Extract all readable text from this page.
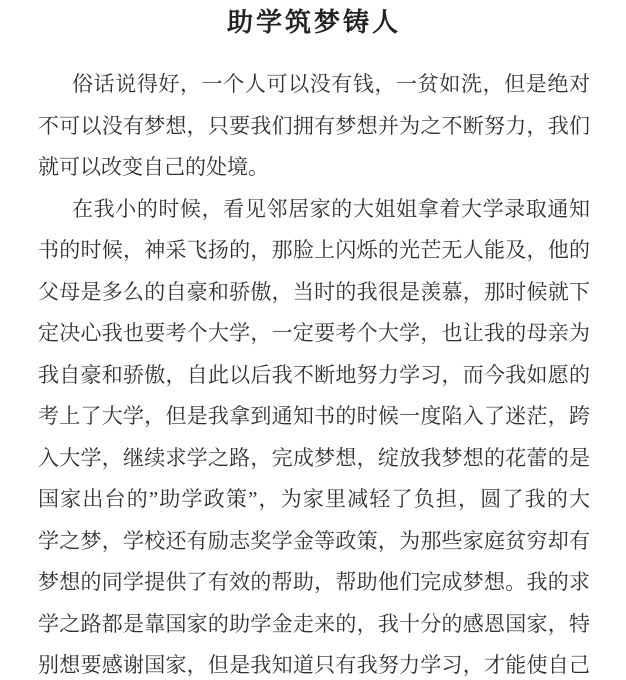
助学筑梦铸人
俗话说得好，一个人可以没有钱，一贫如洗，但是绝对
不可以没有梦想，只要我们拥有梦想并为之不断努力，我们
就可以改变自己的处境。
在我小的时候，看见邻居家的大姐姐拿着大学录取通知
书的时候，神采飞扬的，那脸上闪烁的光芒无人能及，他的
父母是多么的自豪和骄傲，当时的我很是羡慕，那时候就下
定决心我也要考个大学，一定要考个大学，也让我的母亲为
我自豪和骄傲，自此以后我不断地努力学习，而今我如愿的
考上了大学，但是我拿到通知书的时候一度陷入了迷茫，跨
入大学，继续求学之路，完成梦想，绽放我梦想的花蕾的是
国家出台的”助学政策”，为家里减轻了负担，圆了我的大
学之梦，学校还有励志奖学金等政策，为那些家庭贫穷却有
梦想的同学提供了有效的帮助，帮助他们完成梦想。我的求
学之路都是靠国家的助学金走来的，我十分的感恩国家，特
别想要感谢国家，但是我知道只有我努力学习，才能使自己
